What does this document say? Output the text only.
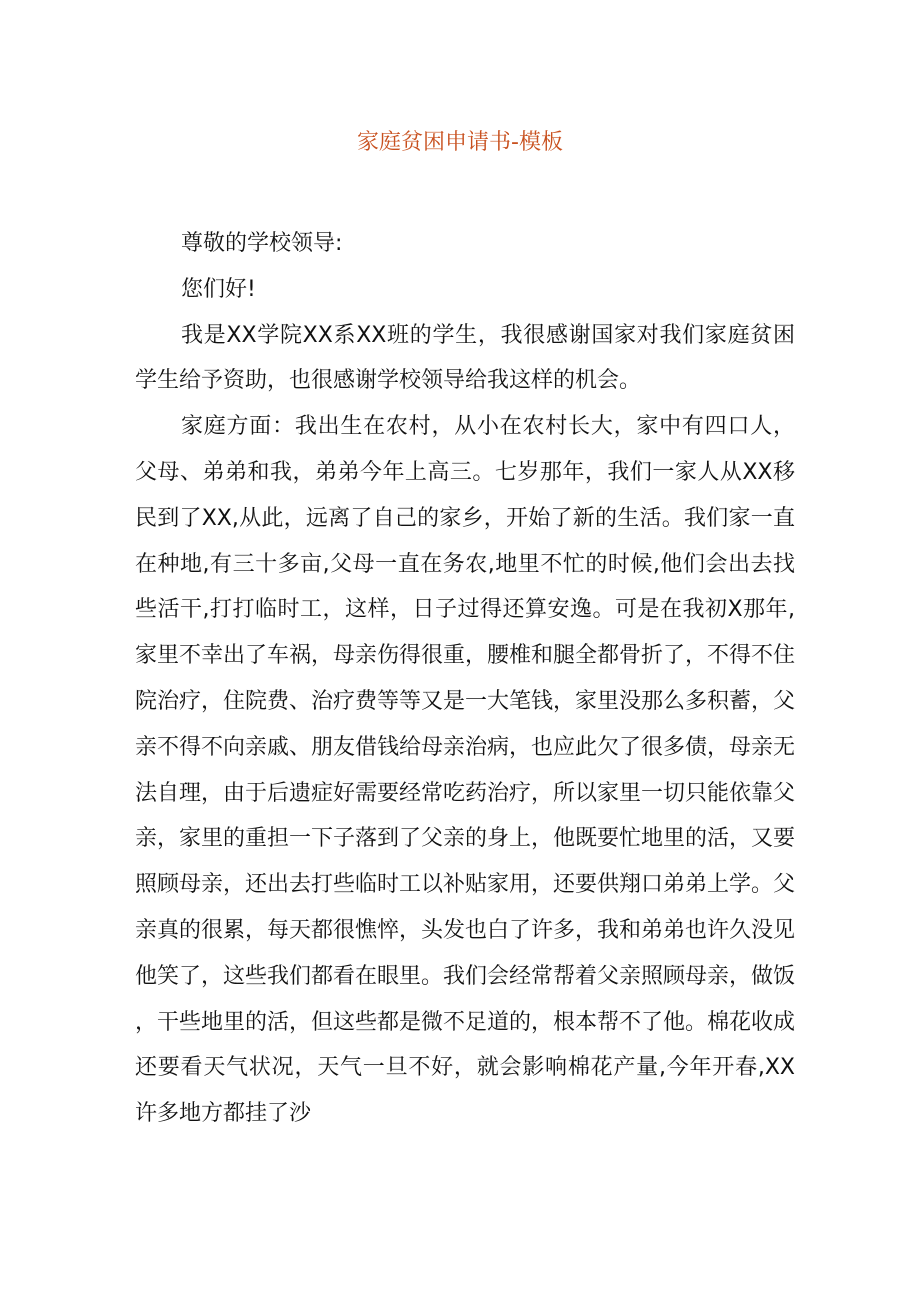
家庭贫困申请书-模板

尊敬的学校领导:

您们好!

我是XX学院XX系XX班的学生，我很感谢国家对我们家庭贫困学生给予资助，也很感谢学校领导给我这样的机会。

家庭方面：我出生在农村，从小在农村长大，家中有四口人，父母、弟弟和我，弟弟今年上高三。七岁那年，我们一家人从XX移民到了XX,从此，远离了自己的家乡，开始了新的生活。我们家一直在种地,有三十多亩,父母一直在务农,地里不忙的时候,他们会出去找些活干,打打临时工，这样，日子过得还算安逸。可是在我初X那年,家里不幸出了车祸，母亲伤得很重，腰椎和腿全都骨折了，不得不住院治疗，住院费、治疗费等等又是一大笔钱，家里没那么多积蓄，父亲不得不向亲戚、朋友借钱给母亲治病，也应此欠了很多债，母亲无法自理，由于后遗症好需要经常吃药治疗，所以家里一切只能依靠父亲，家里的重担一下子落到了父亲的身上，他既要忙地里的活，又要照顾母亲，还出去打些临时工以补贴家用，还要供翔口弟弟上学。父亲真的很累，每天都很憔悴，头发也白了许多，我和弟弟也许久没见他笑了，这些我们都看在眼里。我们会经常帮着父亲照顾母亲，做饭，干些地里的活，但这些都是微不足道的，根本帮不了他。棉花收成还要看天气状况，天气一旦不好，就会影响棉花产量,今年开春,XX许多地方都挂了沙
